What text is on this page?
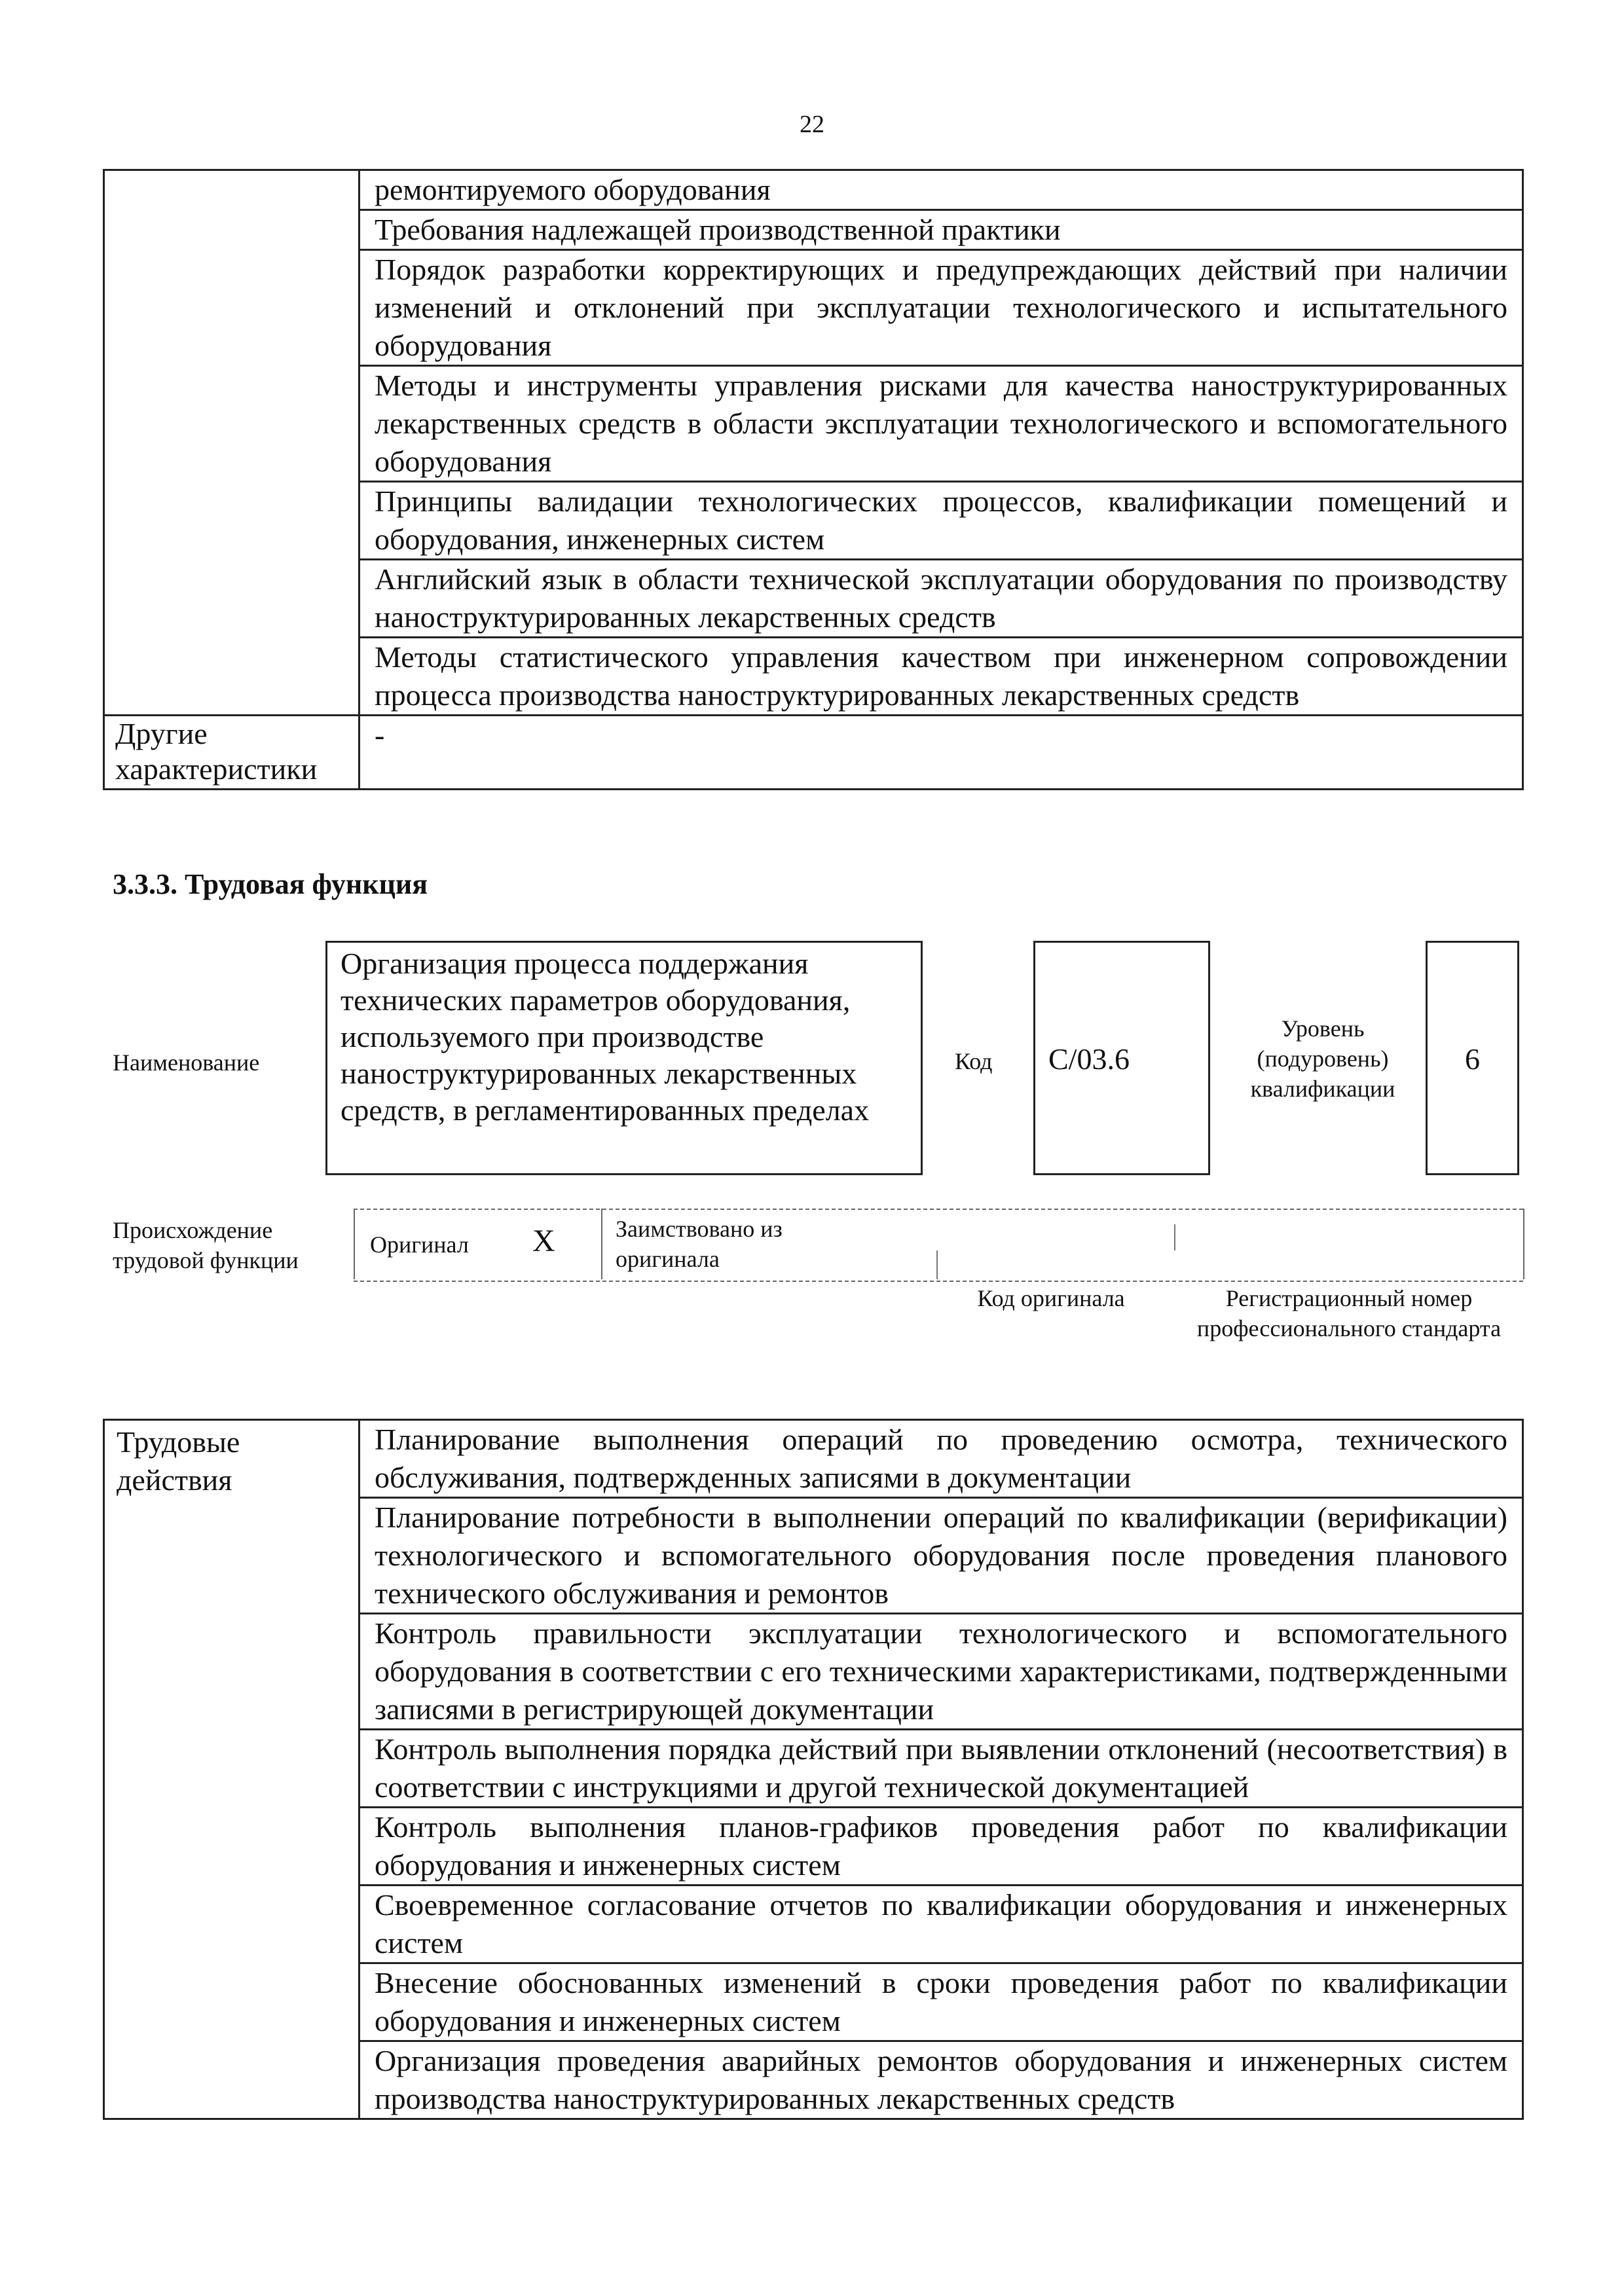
22
	ремонтируемого оборудования
	Требования надлежащей производственной практики
	Порядок разработки корректирующих и предупреждающих действий при наличии изменений и отклонений при эксплуатации технологического и испытательного оборудования
	Методы и инструменты управления рисками для качества наноструктурированных лекарственных средств в области эксплуатации технологического и вспомогательного оборудования
	Принципы валидации технологических процессов, квалификации помещений и оборудования, инженерных систем
	Английский язык в области технической эксплуатации оборудования по производству наноструктурированных лекарственных средств
	Методы статистического управления качеством при инженерном сопровождении процесса производства наноструктурированных лекарственных средств
Другие характеристики	-
3.3.3. Трудовая функция
Наименование
Организация процесса поддержания технических параметров оборудования, используемого при производстве наноструктурированных лекарственных средств, в регламентированных пределах
Код C/03.6
Уровень (подуровень) квалификации
6
Происхождение трудовой функции
Оригинал X	Заимствовано из оригинала
Код оригинала	Регистрационный номер профессионального стандарта
Трудовые действия	Планирование выполнения операций по проведению осмотра, технического обслуживания, подтвержденных записями в документации
Планирование потребности в выполнении операций по квалификации (верификации) технологического и вспомогательного оборудования после проведения планового технического обслуживания и ремонтов
Контроль правильности эксплуатации технологического и вспомогательного оборудования в соответствии с его техническими характеристиками, подтвержденными записями в регистрирующей документации
Контроль выполнения порядка действий при выявлении отклонений (несоответствия) в соответствии с инструкциями и другой технической документацией
Контроль выполнения планов-графиков проведения работ по квалификации оборудования и инженерных систем
Своевременное согласование отчетов по квалификации оборудования и инженерных систем
Внесение обоснованных изменений в сроки проведения работ по квалификации оборудования и инженерных систем
Организация проведения аварийных ремонтов оборудования и инженерных систем производства наноструктурированных лекарственных средств
